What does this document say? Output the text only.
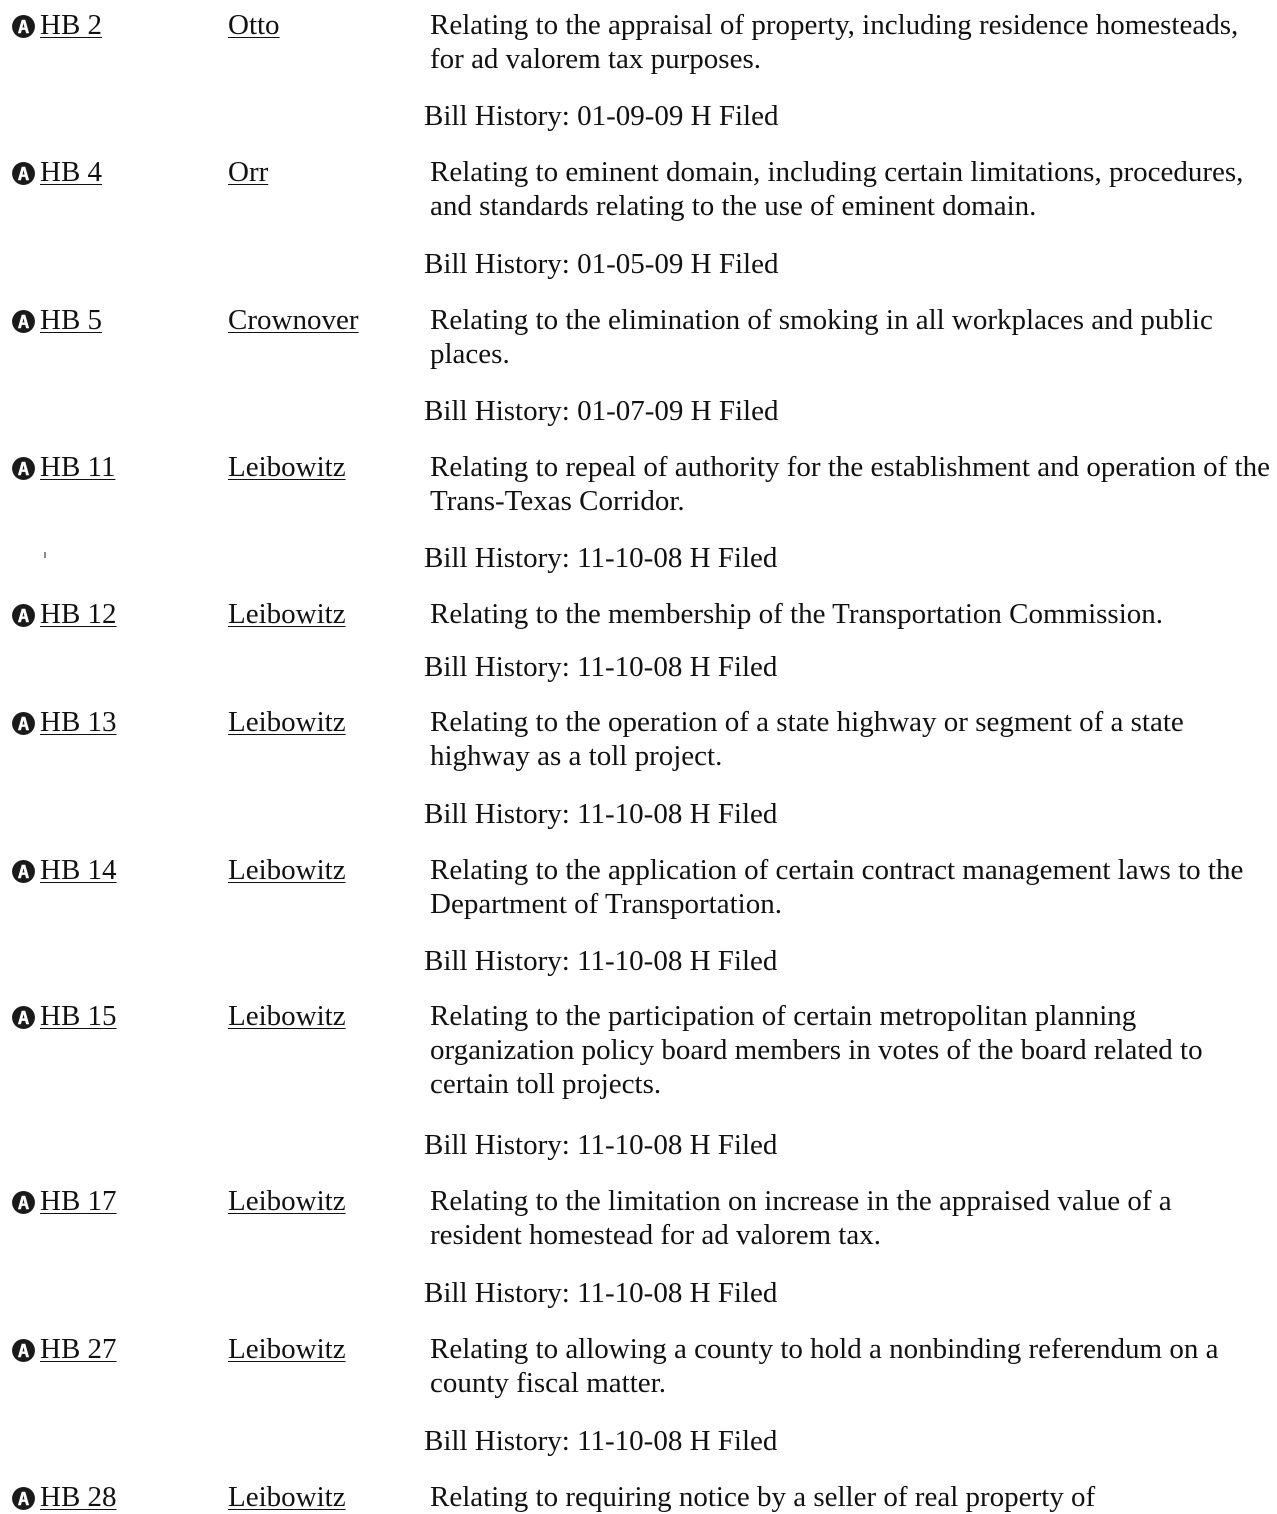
HB 2	Otto	Relating to the appraisal of property, including residence homesteads, for ad valorem tax purposes.
Bill History: 01-09-09 H Filed
HB 4	Orr	Relating to eminent domain, including certain limitations, procedures, and standards relating to the use of eminent domain.
Bill History: 01-05-09 H Filed
HB 5	Crownover Relating to the elimination of smoking in all workplaces and public places.
Bill History: 01-07-09 H Filed
HB 11	Leibowitz	Relating to repeal of authority for the establishment and operation of the Trans-Texas Corridor.
Bill History: 11-10-08 H Filed
HB 12	Leibowitz	Relating to the membership of the Transportation Commission.
Bill History: 11-10-08 H Filed
HB 13	Leibowitz	Relating to the operation of a state highway or segment of a state highway as a toll project.
Bill History: 11-10-08 H Filed
HB 14	Leibowitz	Relating to the application of certain contract management laws to the Department of Transportation.
Bill History: 11-10-08 H Filed
HB 15	Leibowitz	Relating to the participation of certain metropolitan planning organization policy board members in votes of the board related to certain toll projects.
Bill History: 11-10-08 H Filed
HB 17	Leibowitz	Relating to the limitation on increase in the appraised value of a resident homestead for ad valorem tax.
Bill History: 11-10-08 H Filed
HB 27	Leibowitz	Relating to allowing a county to hold a nonbinding referendum on a county fiscal matter.
Bill History: 11-10-08 H Filed
HB 28	Leibowitz	Relating to requiring notice by a seller of real property of
